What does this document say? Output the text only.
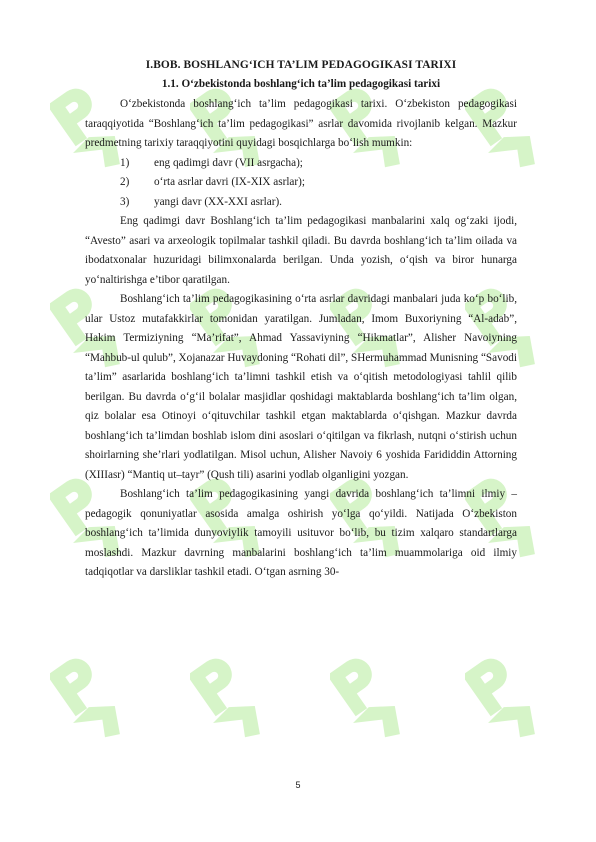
I.BOB. BOSHLANG‘ICH TA’LIM PEDAGOGIKASI TARIXI
1.1. O‘zbekistonda boshlang‘ich ta’lim pedagogikasi tarixi

O‘zbekistonda boshlang‘ich ta’lim pedagogikasi tarixi. O‘zbekiston pedagogikasi taraqqiyotida “Boshlang‘ich ta’lim pedagogikasi” asrlar davomida rivojlanib kelgan. Mazkur predmetning tarixiy taraqqiyotini quyidagi bosqichlarga bo‘lish mumkin:

1) eng qadimgi davr (VII asrgacha);
2) o‘rta asrlar davri (IX-XIX asrlar);
3) yangi davr (XX-XXI asrlar).

Eng qadimgi davr Boshlang‘ich ta’lim pedagogikasi manbalarini xalq og‘zaki ijodi, “Avesto” asari va arxeologik topilmalar tashkil qiladi. Bu davrda boshlang‘ich ta’lim oilada va ibodatxonalar huzuridagi bilimxonalarda berilgan. Unda yozish, o‘qish va biror hunarga yo‘naltirishga e’tibor qaratilgan.

Boshlang‘ich ta’lim pedagogikasining o‘rta asrlar davridagi manbalari juda ko‘p bo‘lib, ular Ustoz mutafakkirlar tomonidan yaratilgan. Jumladan, Imom Buxoriyning “Al-adab”, Hakim Termiziyning “Ma’rifat”, Ahmad Yassaviyning “Hikmatlar”, Alisher Navoiyning “Mahbub-ul qulub”, Xojanazar Huvaydoning “Rohati dil”, SHermuhammad Munisning “Savodi ta’lim” asarlarida boshlang‘ich ta’limni tashkil etish va o‘qitish metodologiyasi tahlil qilib berilgan. Bu davrda o‘g‘il bolalar masjidlar qoshidagi maktablarda boshlang‘ich ta’lim olgan, qiz bolalar esa Otinoyi o‘qituvchilar tashkil etgan maktablarda o‘qishgan. Mazkur davrda boshlang‘ich ta’limdan boshlab islom dini asoslari o‘qitilgan va fikrlash, nutqni o‘stirish uchun shoirlarning she’rlari yodlatilgan. Misol uchun, Alisher Navoiy 6 yoshida Farididdin Attorning (XIIIasr) “Mantiq ut–tayr” (Qush tili) asarini yodlab olganligini yozgan.

Boshlang‘ich ta’lim pedagogikasining yangi davrida boshlang‘ich ta’limni ilmiy – pedagogik qonuniyatlar asosida amalga oshirish yo‘lga qo‘yildi. Natijada O‘zbekiston boshlang‘ich ta’limida dunyoviylik tamoyili usituvor bo‘lib, bu tizim xalqaro standartlarga moslashdi. Mazkur davrning manbalarini boshlang‘ich ta’lim muammolariga oid ilmiy tadqiqotlar va darsliklar tashkil etadi. O‘tgan asrning 30-

5
